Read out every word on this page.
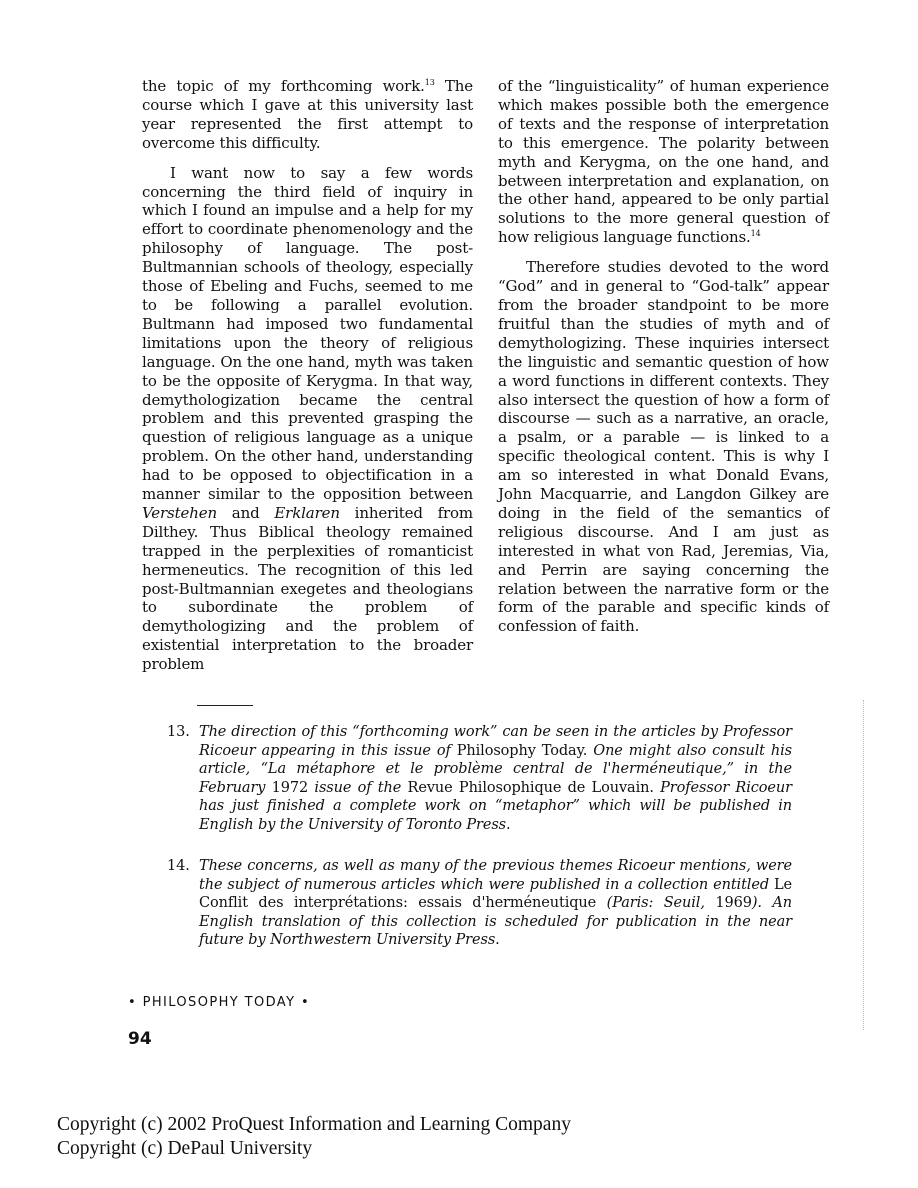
the topic of my forthcoming work.$^{13}$ The course which I gave at this university last year represented the first attempt to overcome this difficulty.

I want now to say a few words concerning the third field of inquiry in which I found an impulse and a help for my effort to coordinate phenomenology and the philosophy of language. The post-Bultmannian schools of theology, especially those of Ebeling and Fuchs, seemed to me to be following a parallel evolution. Bultmann had imposed two fundamental limitations upon the theory of religious language. On the one hand, myth was taken to be the opposite of Kerygma. In that way, demythologization became the central problem and this prevented grasping the question of religious language as a unique problem. On the other hand, understanding had to be opposed to objectification in a manner similar to the opposition between Verstehen and Erklaren inherited from Dilthey. Thus Biblical theology remained trapped in the perplexities of romanticist hermeneutics. The recognition of this led post-Bultmannian exegetes and theologians to subordinate the problem of demythologizing and the problem of existential interpretation to the broader problem

of the “linguisticality” of human experience which makes possible both the emergence of texts and the response of interpretation to this emergence. The polarity between myth and Kerygma, on the one hand, and between interpretation and explanation, on the other hand, appeared to be only partial solutions to the more general question of how religious language functions.$^{14}$

Therefore studies devoted to the word “God” and in general to “God-talk” appear from the broader standpoint to be more fruitful than the studies of myth and of demythologizing. These inquiries intersect the linguistic and semantic question of how a word functions in different contexts. They also intersect the question of how a form of discourse — such as a narrative, an oracle, a psalm, or a parable — is linked to a specific theological content. This is why I am so interested in what Donald Evans, John Macquarrie, and Langdon Gilkey are doing in the field of the semantics of religious discourse. And I am just as interested in what von Rad, Jeremias, Via, and Perrin are saying concerning the relation between the narrative form or the form of the parable and specific kinds of confession of faith.

13. The direction of this “forthcoming work” can be seen in the articles by Professor Ricoeur appearing in this issue of Philosophy Today. One might also consult his article, “La métaphore et le problème central de l'herméneutique,” in the February 1972 issue of the Revue Philosophique de Louvain. Professor Ricoeur has just finished a complete work on “metaphor” which will be published in English by the University of Toronto Press.
14. These concerns, as well as many of the previous themes Ricoeur mentions, were the subject of numerous articles which were published in a collection entitled Le Conflit des interprétations: essais d'herméneutique (Paris: Seuil, 1969). An English translation of this collection is scheduled for publication in the near future by Northwestern University Press.
• PHILOSOPHY TODAY •
94
Copyright (c) 2002 ProQuest Information and Learning Company
Copyright (c) DePaul University
